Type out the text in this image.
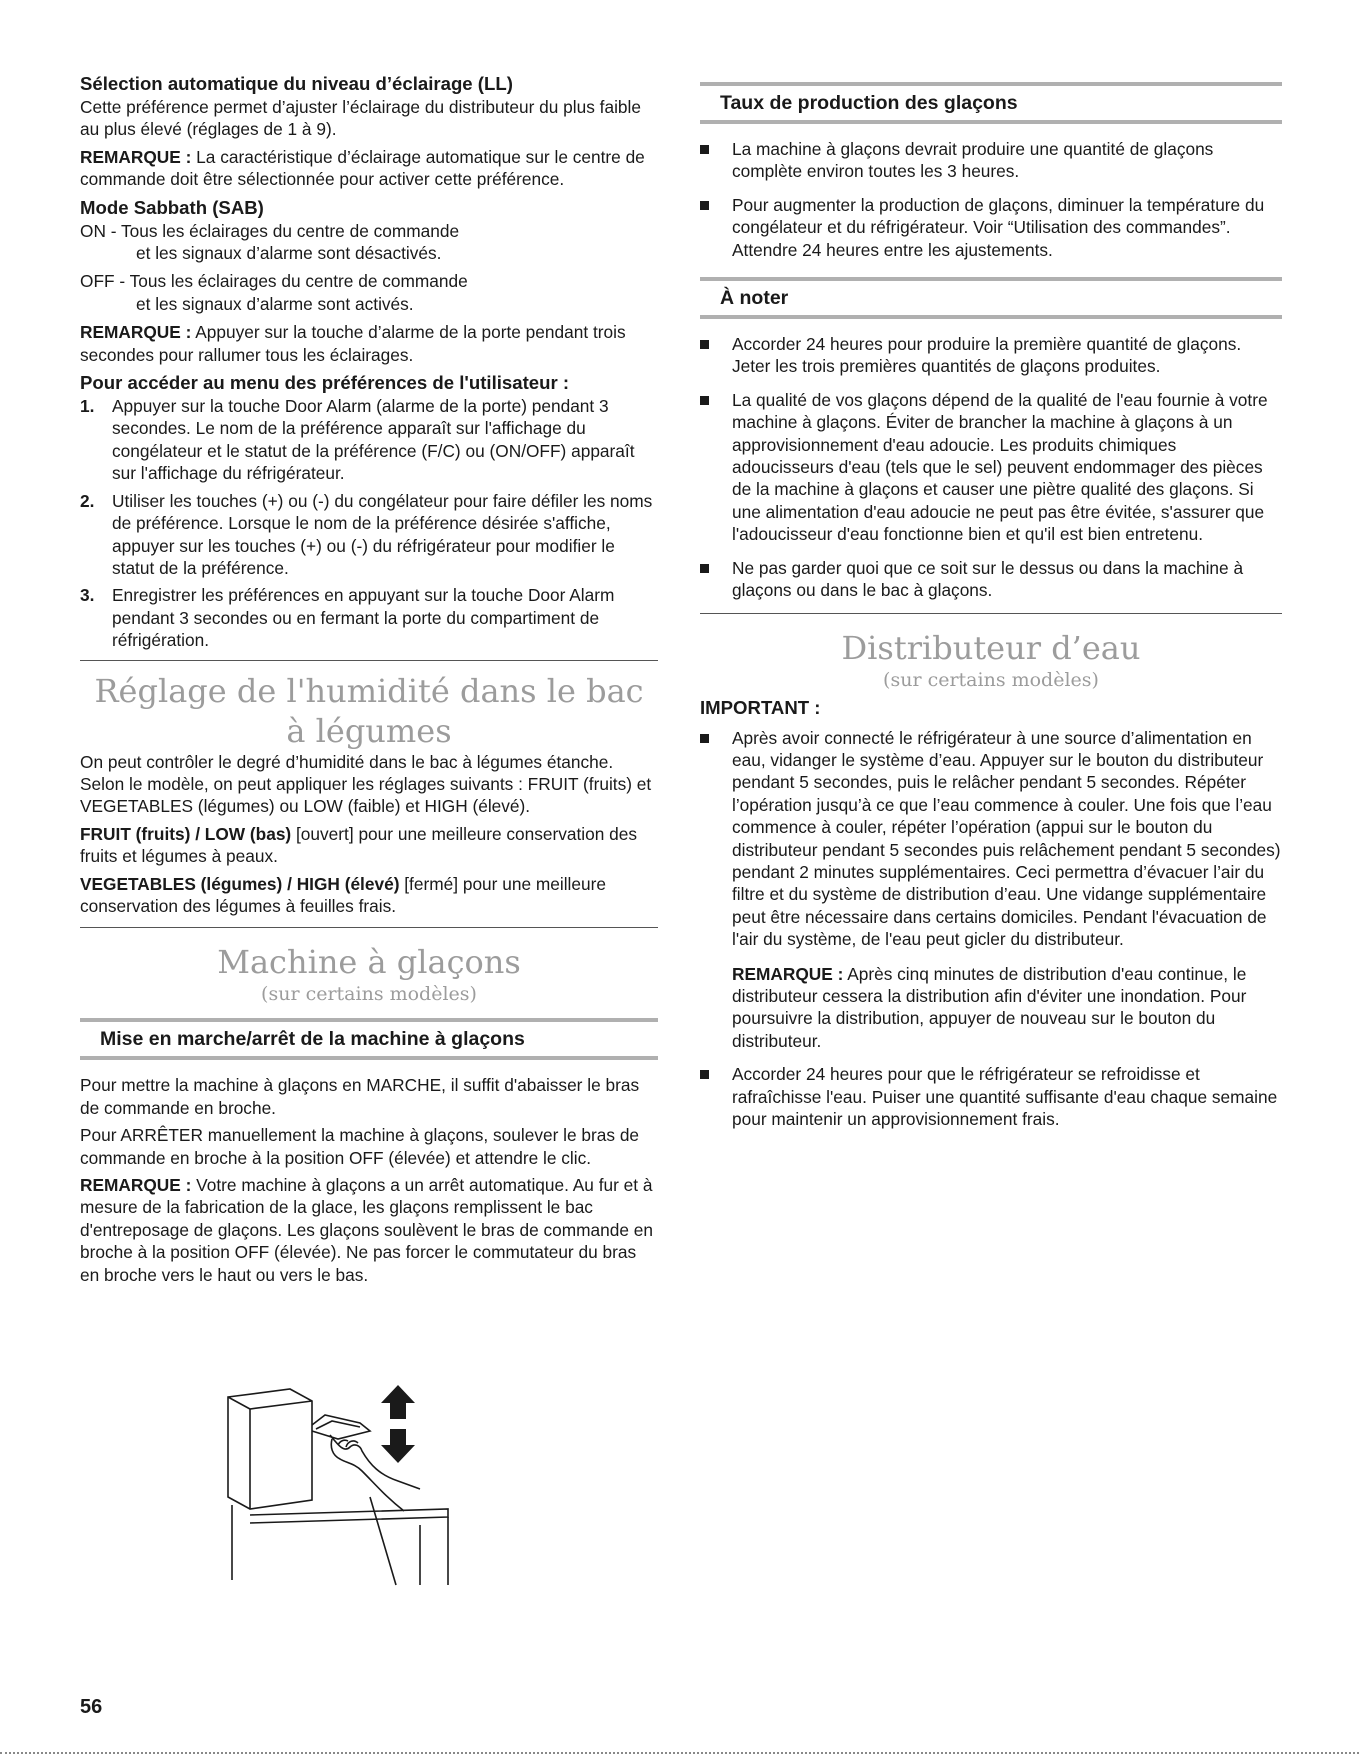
Sélection automatique du niveau d’éclairage (LL)

Cette préférence permet d’ajuster l’éclairage du distributeur du plus faible au plus élevé (réglages de 1 à 9).

REMARQUE : La caractéristique d’éclairage automatique sur le centre de commande doit être sélectionnée pour activer cette préférence.

Mode Sabbath (SAB)

ON - Tous les éclairages du centre de commande

et les signaux d’alarme sont désactivés.

OFF - Tous les éclairages du centre de commande

et les signaux d’alarme sont activés.

REMARQUE : Appuyer sur la touche d’alarme de la porte pendant trois secondes pour rallumer tous les éclairages.

Pour accéder au menu des préférences de l'utilisateur :
1. Appuyer sur la touche Door Alarm (alarme de la porte) pendant 3 secondes. Le nom de la préférence apparaît sur l'affichage du congélateur et le statut de la préférence (F/C) ou (ON/OFF) apparaît sur l'affichage du réfrigérateur.
2. Utiliser les touches (+) ou (-) du congélateur pour faire défiler les noms de préférence. Lorsque le nom de la préférence désirée s'affiche, appuyer sur les touches (+) ou (-) du réfrigérateur pour modifier le statut de la préférence.
3. Enregistrer les préférences en appuyant sur la touche Door Alarm pendant 3 secondes ou en fermant la porte du compartiment de réfrigération.
Réglage de l'humidité dans le bac à légumes

On peut contrôler le degré d’humidité dans le bac à légumes étanche. Selon le modèle, on peut appliquer les réglages suivants : FRUIT (fruits) et VEGETABLES (légumes) ou LOW (faible) et HIGH (élevé).

FRUIT (fruits) / LOW (bas) [ouvert] pour une meilleure conservation des fruits et légumes à peaux.

VEGETABLES (légumes) / HIGH (élevé) [fermé] pour une meilleure conservation des légumes à feuilles frais.

Machine à glaçons
(sur certains modèles)
Mise en marche/arrêt de la machine à glaçons

Pour mettre la machine à glaçons en MARCHE, il suffit d'abaisser le bras de commande en broche.

Pour ARRÊTER manuellement la machine à glaçons, soulever le bras de commande en broche à la position OFF (élevée) et attendre le clic.

REMARQUE : Votre machine à glaçons a un arrêt automatique. Au fur et à mesure de la fabrication de la glace, les glaçons remplissent le bac d'entreposage de glaçons. Les glaçons soulèvent le bras de commande en broche à la position OFF (élevée). Ne pas forcer le commutateur du bras en broche vers le haut ou vers le bas.

Taux de production des glaçons
La machine à glaçons devrait produire une quantité de glaçons complète environ toutes les 3 heures.
Pour augmenter la production de glaçons, diminuer la température du congélateur et du réfrigérateur. Voir “Utilisation des commandes”. Attendre 24 heures entre les ajustements.
À noter
Accorder 24 heures pour produire la première quantité de glaçons. Jeter les trois premières quantités de glaçons produites.
La qualité de vos glaçons dépend de la qualité de l'eau fournie à votre machine à glaçons. Éviter de brancher la machine à glaçons à un approvisionnement d'eau adoucie. Les produits chimiques adoucisseurs d'eau (tels que le sel) peuvent endommager des pièces de la machine à glaçons et causer une piètre qualité des glaçons. Si une alimentation d'eau adoucie ne peut pas être évitée, s'assurer que l'adoucisseur d'eau fonctionne bien et qu'il est bien entretenu.
Ne pas garder quoi que ce soit sur le dessus ou dans la machine à glaçons ou dans le bac à glaçons.
Distributeur d’eau
(sur certains modèles)
IMPORTANT :
Après avoir connecté le réfrigérateur à une source d’alimentation en eau, vidanger le système d’eau. Appuyer sur le bouton du distributeur pendant 5 secondes, puis le relâcher pendant 5 secondes. Répéter l’opération jusqu’à ce que l’eau commence à couler. Une fois que l’eau commence à couler, répéter l’opération (appui sur le bouton du distributeur pendant 5 secondes puis relâchement pendant 5 secondes) pendant 2 minutes supplémentaires. Ceci permettra d’évacuer l’air du filtre et du système de distribution d’eau. Une vidange supplémentaire peut être nécessaire dans certains domiciles. Pendant l'évacuation de l'air du système, de l'eau peut gicler du distributeur.

REMARQUE : Après cinq minutes de distribution d'eau continue, le distributeur cessera la distribution afin d'éviter une inondation. Pour poursuivre la distribution, appuyer de nouveau sur le bouton du distributeur.

Accorder 24 heures pour que le réfrigérateur se refroidisse et rafraîchisse l'eau. Puiser une quantité suffisante d'eau chaque semaine pour maintenir un approvisionnement frais.
56
